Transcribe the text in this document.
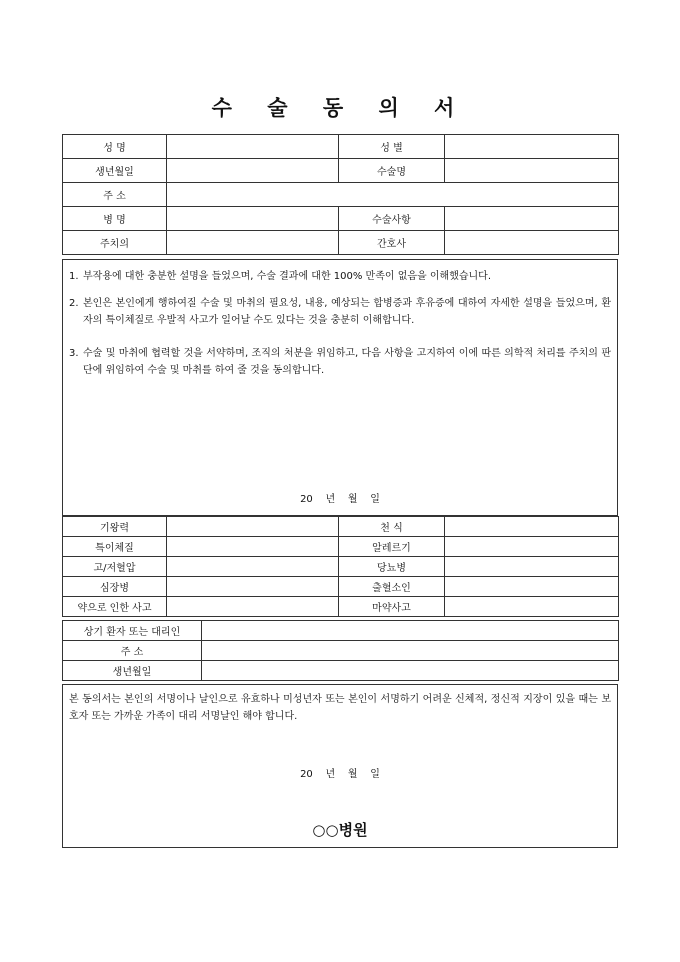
수 술 동 의 서
성 명		성 별	
생년월일		수술명	
주 소			
병 명		수술사항	
주치의		간호사	
1. 부작용에 대한 충분한 설명을 들었으며, 수술 결과에 대한 100% 만족이 없음을 이해했습니다.
2. 본인은 본인에게 행하여질 수술 및 마취의 필요성, 내용, 예상되는 합병증과 후유증에 대하여 자세한 설명을 들었으며, 환자의 특이체질로 우발적 사고가 일어날 수도 있다는 것을 충분히 이해합니다.
3. 수술 및 마취에 협력할 것을 서약하며, 조직의 처분을 위임하고, 다음 사항을 고지하여 이에 따른 의학적 처리를 주치의 판단에 위임하여 수술 및 마취를 하여 줄 것을 동의합니다.
20    년    월    일
기왕력		천 식	
특이체질		알레르기	
고/저혈압		당뇨병	
심장병		출혈소인	
약으로 인한 사고		마약사고	
상기 환자 또는 대리인	
주 소	
생년월일	
본 동의서는 본인의 서명이나 날인으로 유효하나 미성년자 또는 본인이 서명하기 어려운 신체적, 정신적 지장이 있을 때는 보호자 또는 가까운 가족이 대리 서명날인 해야 합니다.
20    년    월    일
○○병원
